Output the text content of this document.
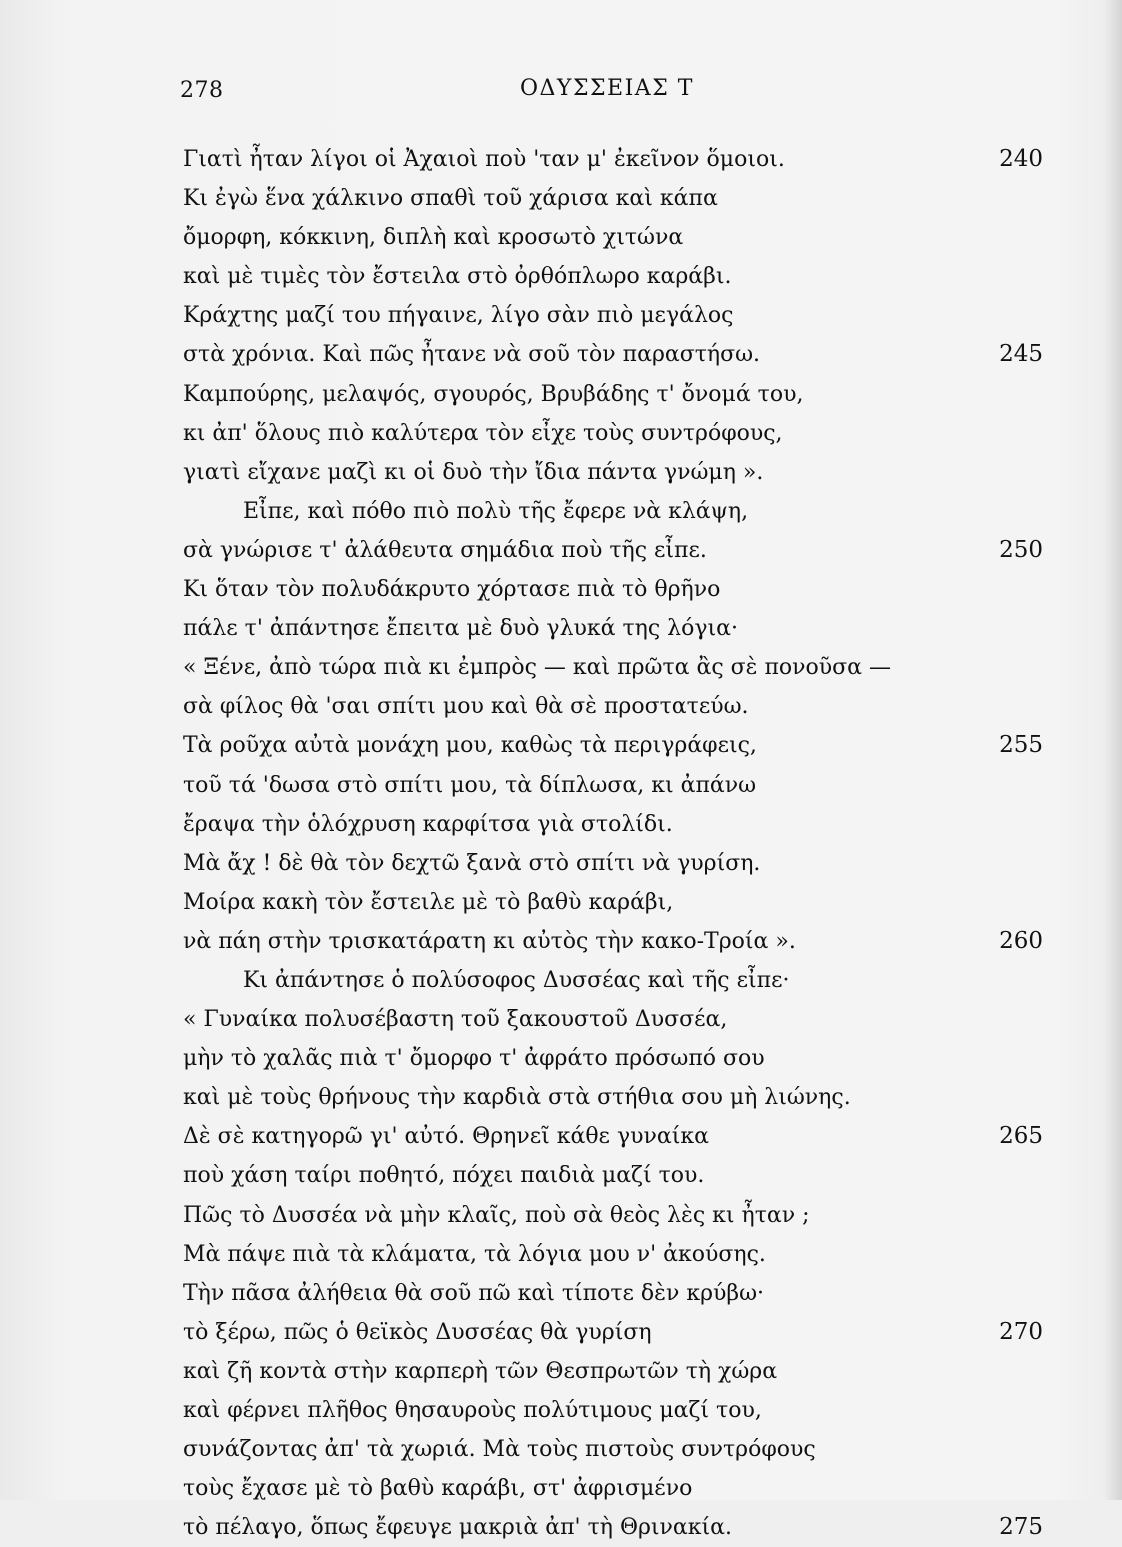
278	ΟΔΥΣΣΕΙΑΣ Τ
Γιατὶ ἦταν λίγοι οἱ Ἀχαιοὶ ποὺ 'ταν μ' ἐκεῖνον ὅμοιοι.	240
Κι ἐγὼ ἕνα χάλκινο σπαθὶ τοῦ χάρισα καὶ κάπα
ὄμορφη, κόκκινη, διπλὴ καὶ κροσωτὸ χιτώνα
καὶ μὲ τιμὲς τὸν ἔστειλα στὸ ὀρθόπλωρο καράβι.
Κράχτης μαζί του πήγαινε, λίγο σὰν πιὸ μεγάλος
στὰ χρόνια. Καὶ πῶς ἦτανε νὰ σοῦ τὸν παραστήσω.	245
Καμπούρης, μελαψός, σγουρός, Βρυβάδης τ' ὄνομά του,
κι ἀπ' ὅλους πιὸ καλύτερα τὸν εἶχε τοὺς συντρόφους,
γιατὶ εἴχανε μαζὶ κι οἱ δυὸ τὴν ἴδια πάντα γνώμη ».
Εἶπε, καὶ πόθο πιὸ πολὺ τῆς ἔφερε νὰ κλάψη,
σὰ γνώρισε τ' ἀλάθευτα σημάδια ποὺ τῆς εἶπε.	250
Κι ὅταν τὸν πολυδάκρυτο χόρτασε πιὰ τὸ θρῆνο
πάλε τ' ἀπάντησε ἔπειτα μὲ δυὸ γλυκά της λόγια·
« Ξένε, ἀπὸ τώρα πιὰ κι ἐμπρὸς — καὶ πρῶτα ἂς σὲ πονοῦσα —
σὰ φίλος θὰ 'σαι σπίτι μου καὶ θὰ σὲ προστατεύω.
Τὰ ροῦχα αὐτὰ μονάχη μου, καθὼς τὰ περιγράφεις,	255
τοῦ τά 'δωσα στὸ σπίτι μου, τὰ δίπλωσα, κι ἀπάνω
ἔραψα τὴν ὁλόχρυση καρφίτσα γιὰ στολίδι.
Μὰ ἄχ ! δὲ θὰ τὸν δεχτῶ ξανὰ στὸ σπίτι νὰ γυρίση.
Μοίρα κακὴ τὸν ἔστειλε μὲ τὸ βαθὺ καράβι,
νὰ πάη στὴν τρισκατάρατη κι αὐτὸς τὴν κακο-Τροία ».	260
Κι ἀπάντησε ὁ πολύσοφος Δυσσέας καὶ τῆς εἶπε·
« Γυναίκα πολυσέβαστη τοῦ ξακουστοῦ Δυσσέα,
μὴν τὸ χαλᾶς πιὰ τ' ὄμορφο τ' ἀφράτο πρόσωπό σου
καὶ μὲ τοὺς θρήνους τὴν καρδιὰ στὰ στήθια σου μὴ λιώνης.
Δὲ σὲ κατηγορῶ γι' αὐτό. Θρηνεῖ κάθε γυναίκα	265
ποὺ χάση ταίρι ποθητό, πόχει παιδιὰ μαζί του.
Πῶς τὸ Δυσσέα νὰ μὴν κλαῖς, ποὺ σὰ θεὸς λὲς κι ἦταν ;
Μὰ πάψε πιὰ τὰ κλάματα, τὰ λόγια μου ν' ἀκούσης.
Τὴν πᾶσα ἀλήθεια θὰ σοῦ πῶ καὶ τίποτε δὲν κρύβω·
τὸ ξέρω, πῶς ὁ θεϊκὸς Δυσσέας θὰ γυρίση	270
καὶ ζῆ κοντὰ στὴν καρπερὴ τῶν Θεσπρωτῶν τὴ χώρα
καὶ φέρνει πλῆθος θησαυροὺς πολύτιμους μαζί του,
συνάζοντας ἀπ' τὰ χωριά. Μὰ τοὺς πιστοὺς συντρόφους
τοὺς ἔχασε μὲ τὸ βαθὺ καράβι, στ' ἀφρισμένο
τὸ πέλαγο, ὅπως ἔφευγε μακριὰ ἀπ' τὴ Θρινακία.	275
